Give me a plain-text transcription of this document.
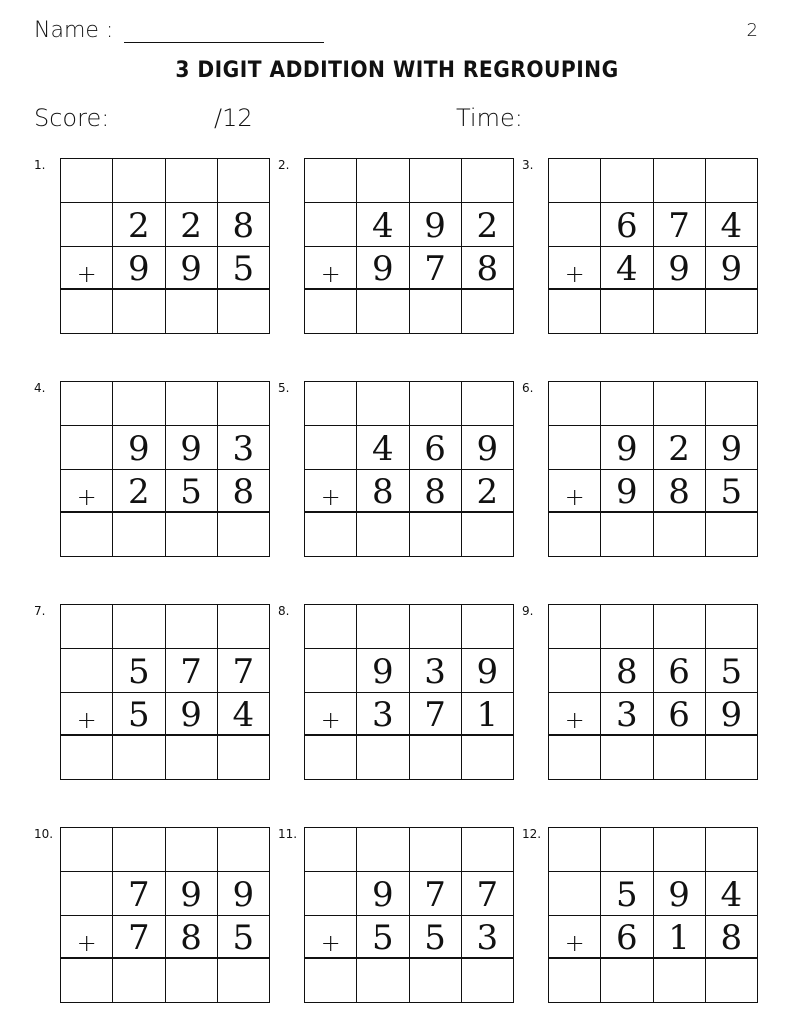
Name :	2
3 DIGIT ADDITION WITH REGROUPING
Score:	/12	Time:
1.
2 2 8
+ 9 9 5
2.
4 9 2
+ 9 7 8
3.
6 7 4
+ 4 9 9
4.
9 9 3
+ 2 5 8
5.
4 6 9
+ 8 8 2
6.
9 2 9
+ 9 8 5
7.
5 7 7
+ 5 9 4
8.
9 3 9
+ 3 7 1
9.
8 6 5
+ 3 6 9
10.
7 9 9
+ 7 8 5
11.
9 7 7
+ 5 5 3
12.
5 9 4
+ 6 1 8
